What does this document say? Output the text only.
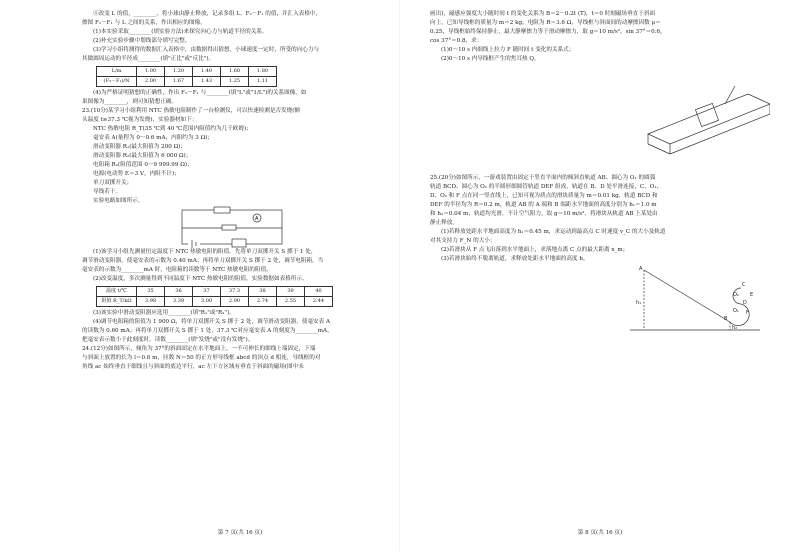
④改变 L 的值，________，将小球由静止释放，记录多组 L、F₂－F₁ 的值，并汇入表格中，

擦图 F₂－F₁ 与 L 之间的关系，作出相应的图像。

(1)本实验采取________(填实验方法)来探究向心力与轨道半径的关系。

(2)补充实验步骤中划线部分填写完整。

(3)学习小组将测得的数据汇入表格中，由数据得出猜想，小球速度一定时，所受的向心力与

其做圆周运动的半径成________(填"正比"或"反比")。

L/m	1.00	1.20	1.40	1.60	1.80
(F₂－F₁)/N	2.00	1.67	1.43	1.25	1.11

(4)为严格证明猜想的正确性，作出 F₂－F₁ 与________(填"L"或"1/L")的关系图像，如

果图像为________，则可知猜想正确。

23.(10分)某学习小组利用 NTC 热敏电阻制作了一台检测仪，可以快速检测是否发烧(额

头温度 t≥37.3 ℃视为发烧)，实验器材如下：

NTC 热敏电阻 R_T(35 ℃到 40 ℃范围内阻值约为几千欧姆)；

毫安表 A(量程为 0～0.6 mA，内阻约为 3 Ω)；

滑动变阻器 R₁(最大阻值为 200 Ω)；

滑动变阻器 R₂(最大阻值为 6 000 Ω)；

电阻箱 R₂(阻值范围 0～9 999.99 Ω)；

电源(电动势 E＝3 V，内阻不计)；

单刀双掷开关；

导线若干。

实验电路如图所示。

A

(1)该学习小组先测量恒定温度下 NTC 热敏电阻的阻值。先将单刀双掷开关 S 掷于 1 处，

调节滑动变阻器，使毫安表的示数为 0.40 mA；再将单刀双掷开关 S 掷于 2 处，调节电阻箱，当

毫安表的示数为________mA 时，电阻箱的读数等于 NTC 热敏电阻的阻值。

(2)改变温度，多次测量得到不同温度下 NTC 热敏电阻的阻值，实验数据如表格所示。

温度 t/℃	35	36	37	37.3	38	39	40
阻值 R_T/kΩ	3.98	3.39	3.00	2.90	2.74	2.55	2.44

(3)该实验中滑动变阻器应选用________(填"R₁"或"R₂")。

(4)调节电阻箱的阻值为 1 900 Ω，将单刀双掷开关 S 掷于 2 处，调节滑动变阻器，使毫安表 A

的读数为 0.60 mA；再将单刀双掷开关 S 掷于 1 处，37.3 ℃对应毫安表 A 的刻度为________mA，

把毫安表示数小于此刻度时，读数________(填"发烧"或"没有发烧")。

24.(12分)如图所示，倾角为 37°的斜面固定在水平地面上，一不可伸长的细线上端固定，下端

与斜面上放置的长为 l＝0.6 m，匝数 N＝50 的正方形导线框 abcd 的顶点 d 相连，导线框的对

角线 ac 始终垂直于细线且与斜面的底边平行，ac 左下方区域有垂直于斜面的磁场(图中未

第 7 页(共 16 页)

画出)，磁感应强度大小随时间 t 的变化关系为 B＝2－0.2t (T)，t＝0 时刻磁场垂直于斜面

向上。已知导线框的质量为 m＝2 kg，电阻为 R＝3.6 Ω，导线框与斜面间的动摩擦因数 μ＝

0.25，导线框始终保持静止，最大静摩擦力等于滑动摩擦力，取 g＝10 m/s²，sin 37°＝0.6，

cos 37°＝0.8，求：

(1)0～10 s 内细线上拉力 F 随时间 t 变化的关系式；

(2)0～10 s 内导线框产生的焦耳热 Q。

25.(20分)如图所示，一游戏装置由固定于竖直平面内的倾斜直轨道 AB、圆心为 O₁ 的圆弧

轨道 BCD、圆心为 O₂ 的半圆形细圆管轨道 DEF 组成，轨道在 B、D 处平滑连接，C、O₁、

D、O₂ 和 F 点在同一竖直线上，已知可视为质点的滑块质量为 m＝0.01 kg，轨道 BCD 和

DEF 的半径均为 R＝0.2 m，轨道 AB 的 A 端和 B 端距水平地面的高度分别为 h₁＝1.0 m

和 h₂＝0.04 m，轨道均光滑，不计空气阻力，取 g＝10 m/s²，将滑块从轨道 AB 上某处由

静止释放。

(1)若释放处距水平地面高度为 h₁＝0.45 m，求运动到最高点 C 时速度 v_C 的大小及轨道

对其支持力 F_N 的大小；

(2)若滑块从 F 点飞出落到水平地面上，求落地点离 C 点的最大距离 x_m；

(3)若滑块始终不脱离轨道，求释放处距水平地面的高度 h。

A
B
C
D
E
F
O₁
O₂
h₁
h₂
第 8 页(共 16 页)
